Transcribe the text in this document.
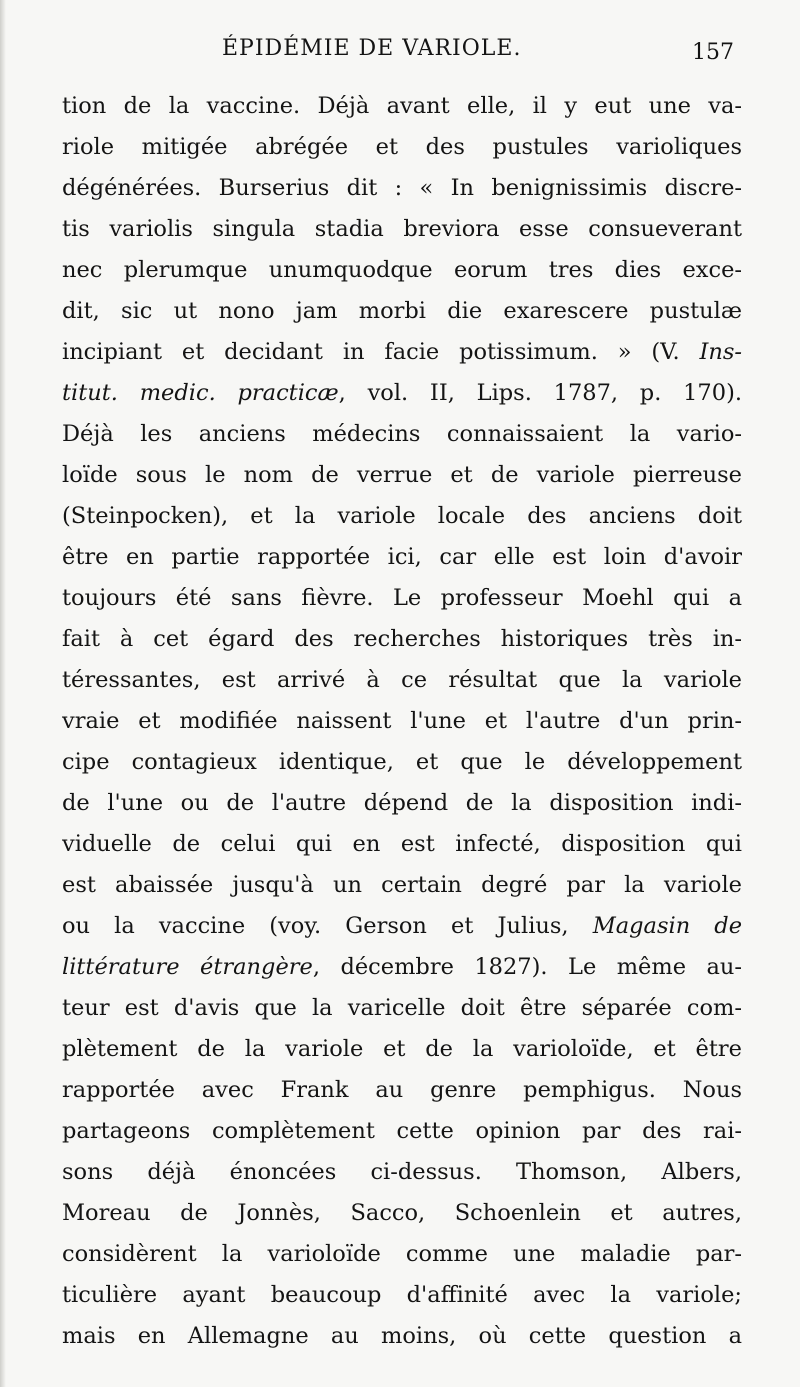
ÉPIDÉMIE DE VARIOLE.	157
tion de la vaccine. Déjà avant elle, il y eut une va-
riole mitigée abrégée et des pustules varioliques
dégénérées. Burserius dit : « In benignissimis discre-
tis variolis singula stadia breviora esse consueverant
nec plerumque unumquodque eorum tres dies exce-
dit, sic ut nono jam morbi die exarescere pustulæ
incipiant et decidant in facie potissimum. » (V. Ins-
titut. medic. practicæ, vol. II, Lips. 1787, p. 170).
Déjà les anciens médecins connaissaient la vario-
loïde sous le nom de verrue et de variole pierreuse
(Steinpocken), et la variole locale des anciens doit
être en partie rapportée ici, car elle est loin d'avoir
toujours été sans fièvre. Le professeur Moehl qui a
fait à cet égard des recherches historiques très in-
téressantes, est arrivé à ce résultat que la variole
vraie et modifiée naissent l'une et l'autre d'un prin-
cipe contagieux identique, et que le développement
de l'une ou de l'autre dépend de la disposition indi-
viduelle de celui qui en est infecté, disposition qui
est abaissée jusqu'à un certain degré par la variole
ou la vaccine (voy. Gerson et Julius, Magasin de
littérature étrangère, décembre 1827). Le même au-
teur est d'avis que la varicelle doit être séparée com-
plètement de la variole et de la varioloïde, et être
rapportée avec Frank au genre pemphigus. Nous
partageons complètement cette opinion par des rai-
sons déjà énoncées ci-dessus. Thomson, Albers,
Moreau de Jonnès, Sacco, Schoenlein et autres,
considèrent la varioloïde comme une maladie par-
ticulière ayant beaucoup d'affinité avec la variole;
mais en Allemagne au moins, où cette question a
